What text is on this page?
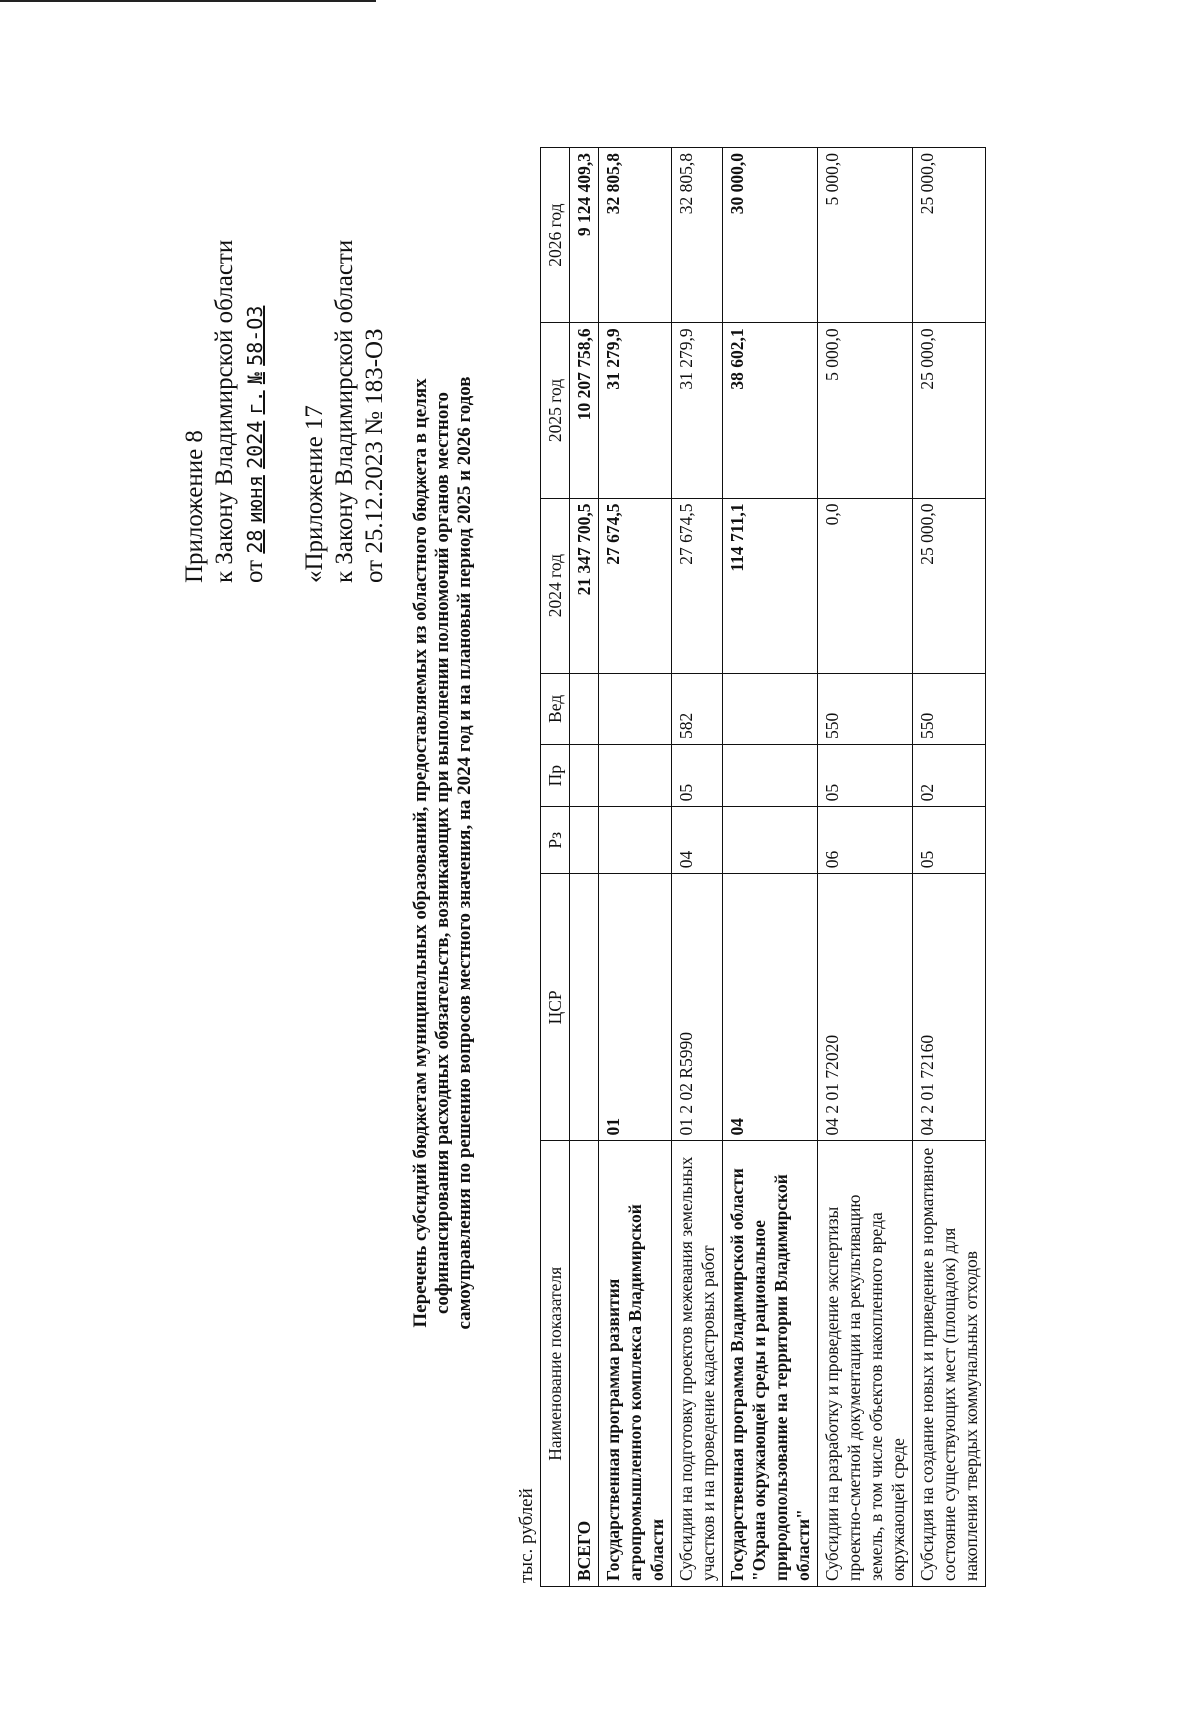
Приложение 8 к Закону Владимирской области от 28 июня 2024 г. № 58-ОЗ
«Приложение 17 к Закону Владимирской области от 25.12.2023 № 183-ОЗ Перечень субсидий бюджетам муниципальных образований, предоставляемых из областного бюджета в целях софинансирования расходных обязательств, возникающих при выполнении полномочий органов местного самоуправления по решению вопросов местного значения, на 2024 год и на плановый период 2025 и 2026 годов
тыс. рублей
Наименование показателя	ЦСР	Рз	Пр	Вед	2024 год	2025 год	2026 год
ВСЕГО					21 347 700,5	10 207 758,6	9 124 409,3
Государственная программа развития агропромышленного комплекса Владимирской области	01				27 674,5	31 279,9	32 805,8
Субсидии на подготовку проектов межевания земельных участков и на проведение кадастровых работ	01 2 02 R5990	04	05	582	27 674,5	31 279,9	32 805,8
Государственная программа Владимирской области "Охрана окружающей среды и рациональное природопользование на территории Владимирской области"	04				114 711,1	38 602,1	30 000,0
Субсидии на разработку и проведение экспертизы проектно-сметной документации на рекультивацию земель, в том числе объектов накопленного вреда окружающей среде	04 2 01 72020	06	05	550	0,0	5 000,0	5 000,0
Субсидия на создание новых и приведение в нормативное состояние существующих мест (площадок) для накопления твердых коммунальных отходов	04 2 01 72160	05	02	550	25 000,0	25 000,0	25 000,0
